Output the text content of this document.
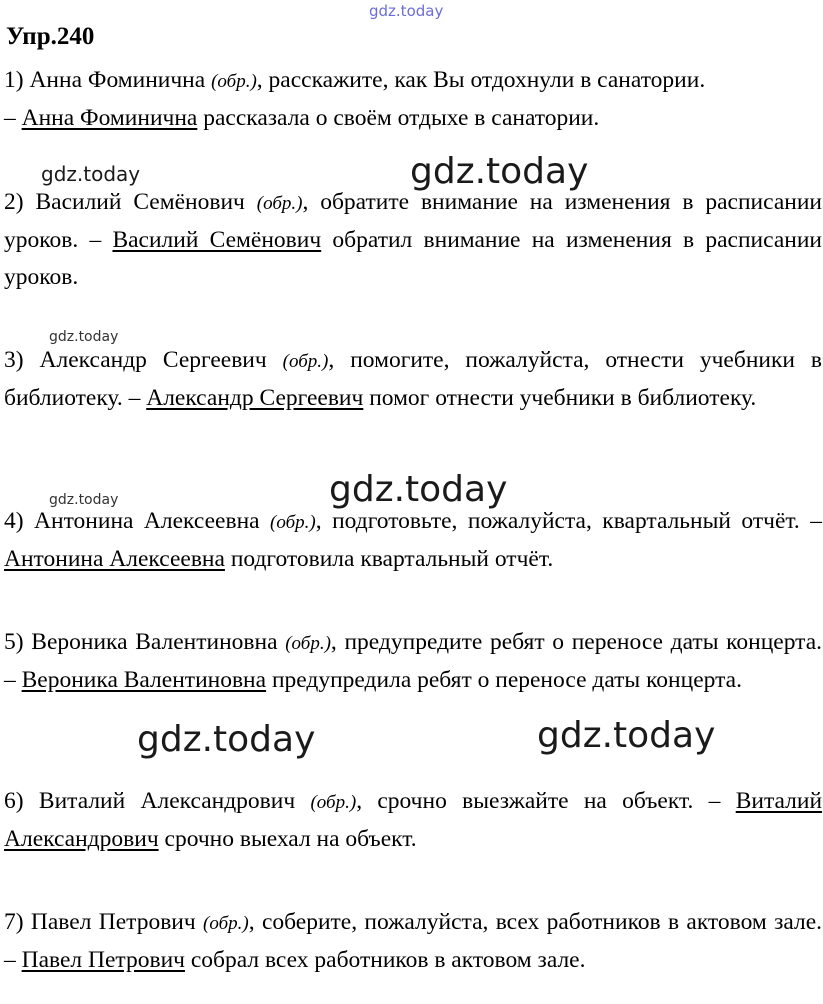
gdz.today
gdz.today	gdz.today
gdz.today
gdz.today	gdz.today
gdz.today	gdz.today
Упр.240

1) Анна Фоминична (обр.), расскажите, как Вы отдохнули в санатории.
– Анна Фоминична рассказала о своём отдыхе в санатории.

2) Василий Семёнович (обр.), обратите внимание на изменения в расписании уроков. – Василий Семёнович обратил внимание на изменения в расписании уроков.

3) Александр Сергеевич (обр.), помогите, пожалуйста, отнести учебники в библиотеку. – Александр Сергеевич помог отнести учебники в библиотеку.

4) Антонина Алексеевна (обр.), подготовьте, пожалуйста, квартальный отчёт. – Антонина Алексеевна подготовила квартальный отчёт.

5) Вероника Валентиновна (обр.), предупредите ребят о переносе даты концерта. – Вероника Валентиновна предупредила ребят о переносе даты концерта.

6) Виталий Александрович (обр.), срочно выезжайте на объект. – Виталий Александрович срочно выехал на объект.

7) Павел Петрович (обр.), соберите, пожалуйста, всех работников в актовом зале. – Павел Петрович собрал всех работников в актовом зале.
